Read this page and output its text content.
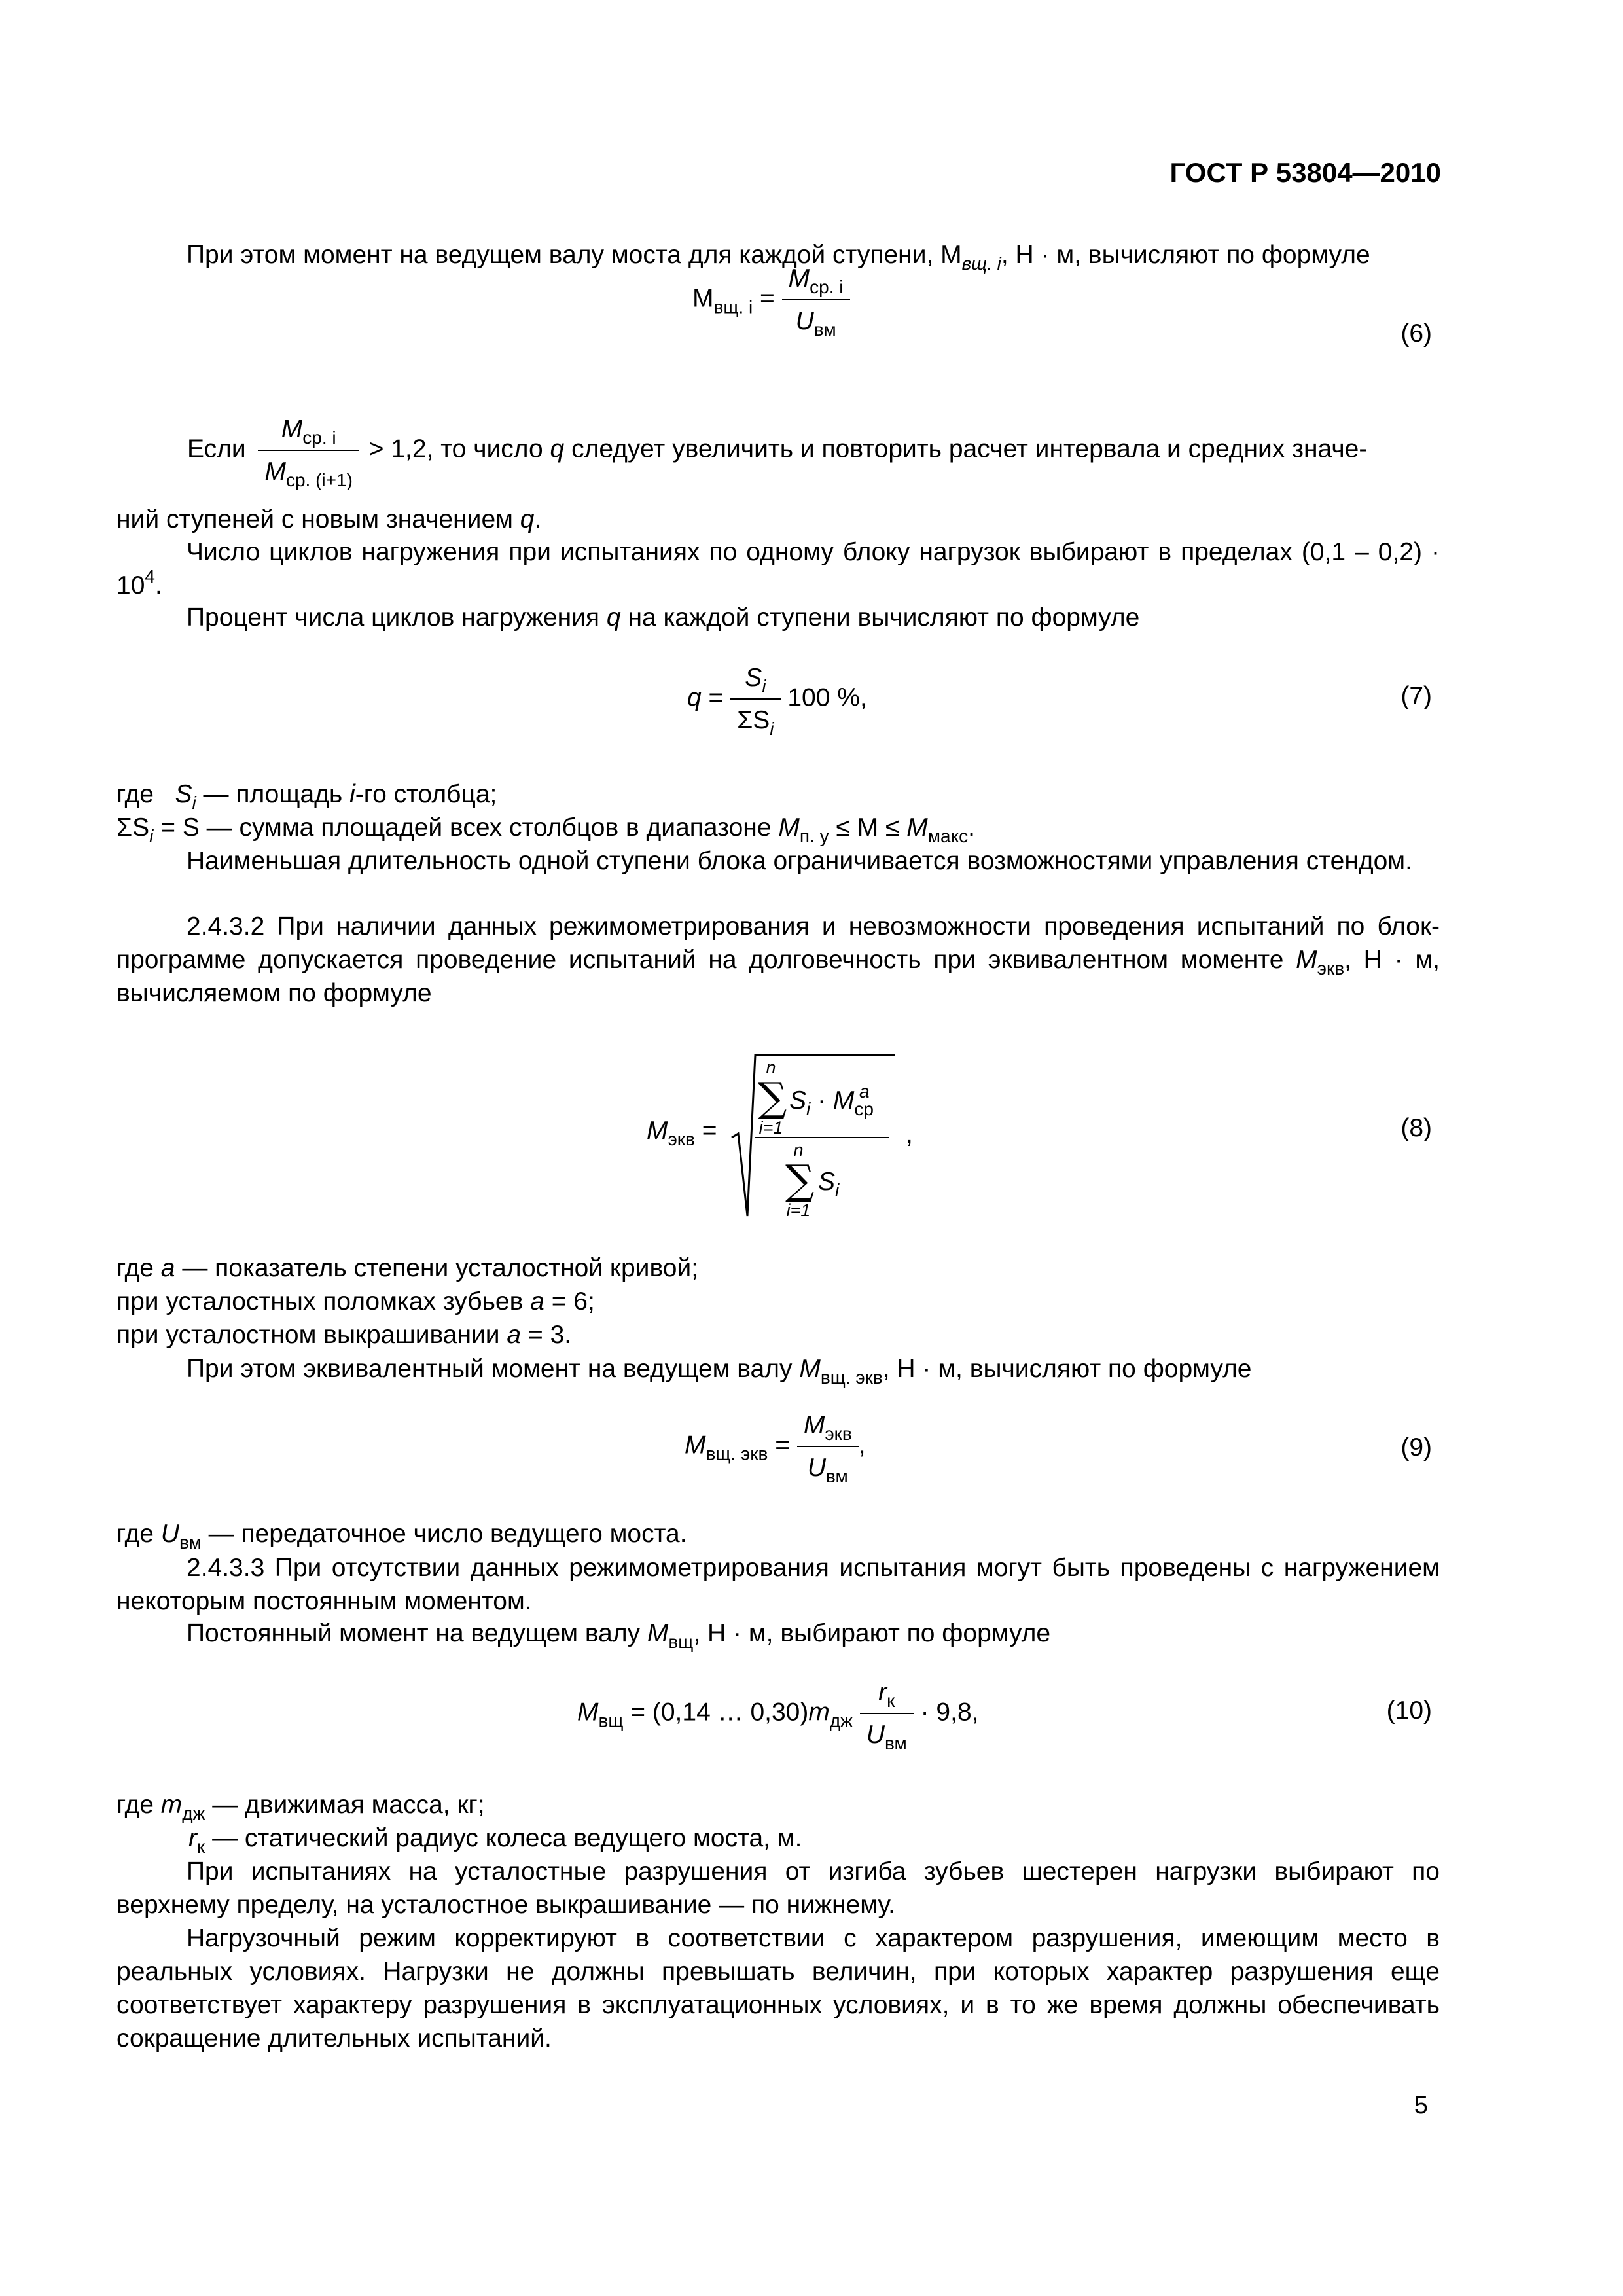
ГОСТ Р 53804—2010

При этом момент на ведущем валу моста для каждой ступени, $М_{вщ. i}$, Н · м, вычисляют по формуле

$М_{вщ. i} = \frac{M_{ср. i}}{U_{вм}}$	(6)
Если $\frac{M_{ср. i}}{M_{ср. (i+1)}} > 1,2$, то число q следует увеличить и повторить расчет интервала и средних значе-

ний ступеней с новым значением q.

Число циклов нагружения при испытаниях по одному блоку нагрузок выбирают в пределах $(0,1 - 0,2) \cdot 10^4$.

Процент числа циклов нагружения q на каждой ступени вычисляют по формуле

$q = \frac{S_i}{\Sigma S_i} 100$ %,	(7)

где $S_i$ — площадь i-го столбца;

$\Sigma S_i = S$ — сумма площадей всех столбцов в диапазоне $M_{п. у} \le M \le M_{макс}$.

Наименьшая длительность одной ступени блока ограничивается возможностями управления стендом.

2.4.3.2 При наличии данных режимометрирования и невозможности проведения испытаний по блок-программе допускается проведение испытаний на долговечность при эквивалентном моменте $M_{экв}$, Н · м, вычисляемом по формуле

$M_{экв}$ =
n
∑
i=1
$S_i \cdot M_{ср}^a$
n
∑
i=1
$S_i$
,	(8)

где a — показатель степени усталостной кривой;

при усталостных поломках зубьев a = 6;

при усталостном выкрашивании a = 3.

При этом эквивалентный момент на ведущем валу $M_{вщ. экв}$, Н · м, вычисляют по формуле

$M_{вщ. экв} = \frac{M_{экв}}{U_{вм}}$ ,	(9)

где $U_{вм}$ — передаточное число ведущего моста.

2.4.3.3 При отсутствии данных режимометрирования испытания могут быть проведены с нагружением некоторым постоянным моментом.

Постоянный момент на ведущем валу $M_{вщ}$, Н · м, выбирают по формуле

$M_{вщ} = (0,14$ … $0,30)m_{дж} \frac{r_к}{U_{вм}} \cdot 9,8$,	(10)

где $m_{дж}$ — движимая масса, кг;

$r_к$ — статический радиус колеса ведущего моста, м.

При испытаниях на усталостные разрушения от изгиба зубьев шестерен нагрузки выбирают по верхнему пределу, на усталостное выкрашивание — по нижнему.

Нагрузочный режим корректируют в соответствии с характером разрушения, имеющим место в реальных условиях. Нагрузки не должны превышать величин, при которых характер разрушения еще соответствует характеру разрушения в эксплуатационных условиях, и в то же время должны обеспечивать сокращение длительных испытаний.

5
